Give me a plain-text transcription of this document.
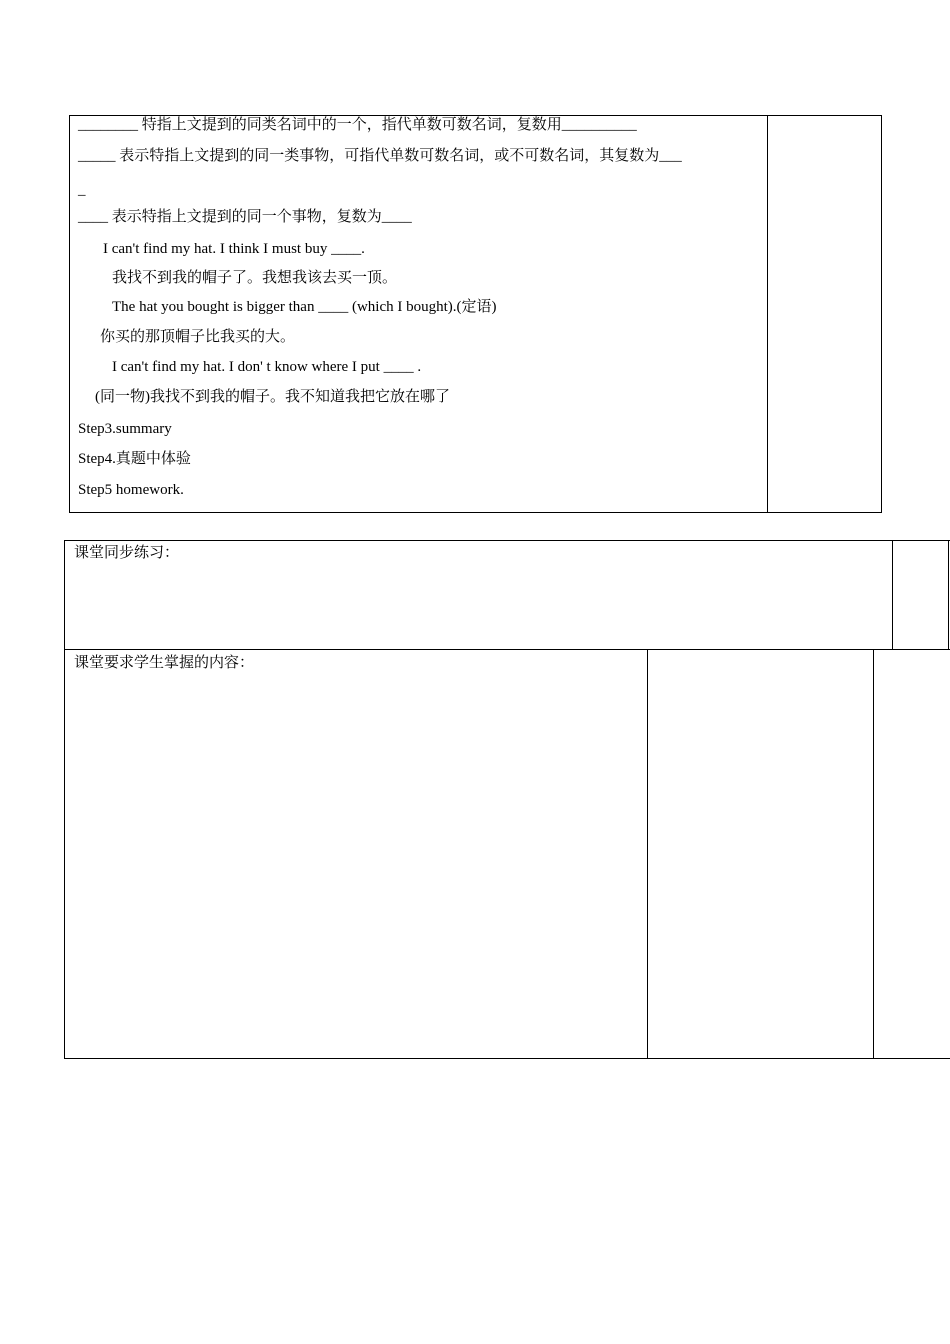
________ 特指上文提到的同类名词中的一个，指代单数可数名词，复数用__________
_____ 表示特指上文提到的同一类事物，可指代单数可数名词，或不可数名词，其复数为___
_
____ 表示特指上文提到的同一个事物，复数为____
I can't find my hat. I think I must buy ____.
我找不到我的帽子了。我想我该去买一顶。
The hat you bought is bigger than ____ (which I bought).(定语)
你买的那顶帽子比我买的大。
I can't find my hat. I don' t know where I put ____ .
(同一物)我找不到我的帽子。我不知道我把它放在哪了
Step3.summary
Step4.真题中体验
Step5 homework.
课堂同步练习：
课堂要求学生掌握的内容：
